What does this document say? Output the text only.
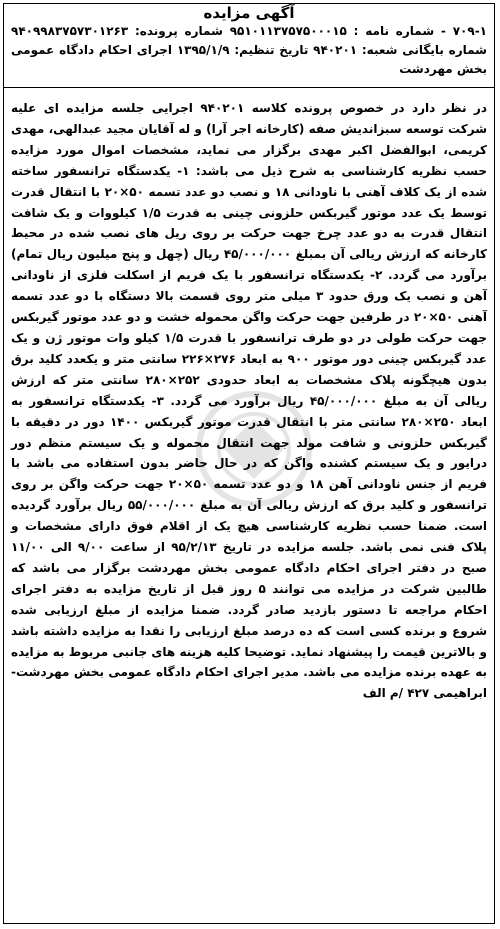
آگهی مزایده
۷۰۹-۱ - شماره نامه : ۹۵۱۰۱۱۳۷۵۷۵۰۰۰۱۵ شماره پرونده: ۹۴۰۹۹۸۳۷۵۷۳۰۱۲۶۳ شماره بایگانی شعبه: ۹۴۰۲۰۱ تاریخ تنظیم: ۱۳۹۵/۱/۹ اجرای احکام دادگاه عمومی بخش مهردشت
در نظر دارد در خصوص پرونده کلاسه ۹۴۰۲۰۱ اجرایی جلسه مزایده ای علیه شرکت توسعه سبزاندیش صفه (کارخانه اجر آرا) و له آقایان مجید عبدالهی، مهدی کریمی، ابوالفضل اکبر مهدی برگزار می نماید، مشخصات اموال مورد مزایده حسب نظریه کارشناسی به شرح ذیل می باشد: ۱- یکدستگاه ترانسفور ساخته شده از یک کلاف آهنی با ناودانی ۱۸ و نصب دو عدد تسمه ۵۰×۲۰ با انتقال قدرت توسط یک عدد موتور گیربکس حلزونی چینی به قدرت ۱/۵ کیلووات و یک شافت انتقال قدرت به دو عدد چرخ جهت حرکت بر روی ریل های نصب شده در محیط کارخانه که ارزش ریالی آن بمبلغ ۴۵/۰۰۰/۰۰۰ ریال (چهل و پنج میلیون ریال تمام) برآورد می گردد. ۲- یکدستگاه ترانسفور با یک فریم از اسکلت فلزی از ناودانی آهن و نصب یک ورق حدود ۳ میلی متر روی قسمت بالا دستگاه با دو عدد تسمه آهنی ۵۰×۲۰ در طرفین جهت حرکت واگن محموله خشت و دو عدد موتور گیربکس جهت حرکت طولی در دو طرف ترانسفور با قدرت ۱/۵ کیلو وات موتور ژن و یک عدد گیربکس چینی دور موتور ۹۰۰ به ابعاد ۲۷۶×۲۲۶ سانتی متر و یکعدد کلید برق بدون هیچگونه پلاک مشخصات به ابعاد حدودی ۲۵۲×۲۸۰ سانتی متر که ارزش ریالی آن به مبلغ ۴۵/۰۰۰/۰۰۰ ریال برآورد می گردد. ۳- یکدستگاه ترانسفور به ابعاد ۲۵۰×۲۸۰ سانتی متر با انتقال قدرت موتور گیربکس ۱۴۰۰ دور در دقیقه با گیربکس حلزونی و شافت مولد جهت انتقال محموله و یک سیستم منظم دور درایور و یک سیستم کشنده واگن که در حال حاضر بدون استفاده می باشد با فریم از جنس ناودانی آهن ۱۸ و دو عدد تسمه ۵۰×۲۰ جهت حرکت واگن بر روی ترانسفور و کلید برق که ارزش ریالی آن به مبلغ ۵۵/۰۰۰/۰۰۰ ریال برآورد گردیده است. ضمنا حسب نظریه کارشناسی هیچ یک از اقلام فوق دارای مشخصات و پلاک فنی نمی باشد. جلسه مزایده در تاریخ ۹۵/۲/۱۳ از ساعت ۹/۰۰ الی ۱۱/۰۰ صبح در دفتر اجرای احکام دادگاه عمومی بخش مهردشت برگزار می باشد که طالبین شرکت در مزایده می توانند ۵ روز قبل از تاریخ مزایده به دفتر اجرای احکام مراجعه تا دستور بازدید صادر گردد. ضمنا مزایده از مبلغ ارزیابی شده شروع و برنده کسی است که ده درصد مبلغ ارزیابی را نقدا به مزایده داشته باشد و بالاترین قیمت را پیشنهاد نماید. توضیحا کلیه هزینه های جانبی مربوط به مزایده به عهده برنده مزایده می باشد. مدیر اجرای احکام دادگاه عمومی بخش مهردشت- ابراهیمی ۴۲۷ /م الف
